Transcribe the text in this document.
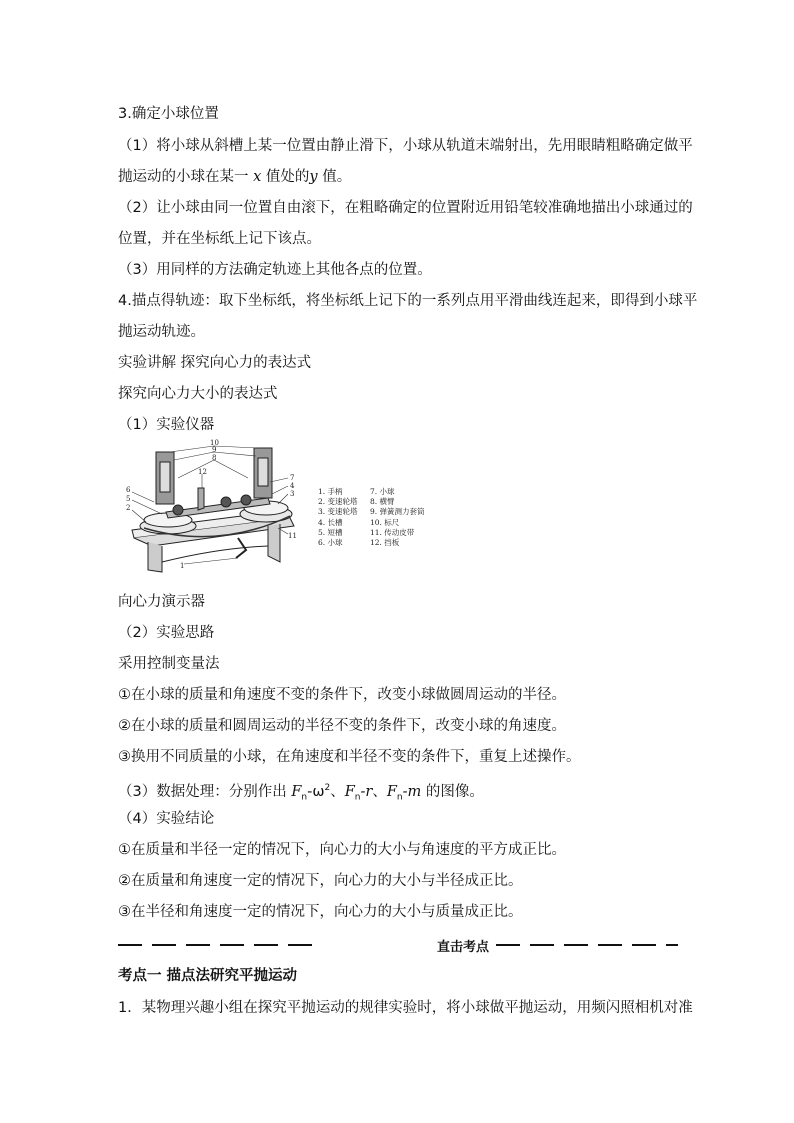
3.确定小球位置
（1）将小球从斜槽上某一位置由静止滑下，小球从轨道末端射出，先用眼睛粗略确定做平
抛运动的小球在某一 x 值处的y 值。
（2）让小球由同一位置自由滚下，在粗略确定的位置附近用铅笔较准确地描出小球通过的
位置，并在坐标纸上记下该点。
（3）用同样的方法确定轨迹上其他各点的位置。
4.描点得轨迹：取下坐标纸，将坐标纸上记下的一系列点用平滑曲线连起来，即得到小球平
抛运动轨迹。
实验讲解 探究向心力的表达式
探究向心力大小的表达式
（1）实验仪器
10
9
8
12
7
6
5
4
3
2
11
1
1. 手柄
2. 变速轮塔
3. 变速轮塔
4. 长槽
5. 短槽
6. 小球
7. 小球
8. 横臂
9. 弹簧测力套筒
10. 标尺
11. 传动皮带
12. 挡板
向心力演示器
（2）实验思路
采用控制变量法
①在小球的质量和角速度不变的条件下，改变小球做圆周运动的半径。
②在小球的质量和圆周运动的半径不变的条件下，改变小球的角速度。
③换用不同质量的小球，在角速度和半径不变的条件下，重复上述操作。
（3）数据处理：分别作出 $F_n-\omega^2$、$F_n-r$、$F_n-m$ 的图像。
（4）实验结论
①在质量和半径一定的情况下，向心力的大小与角速度的平方成正比。
②在质量和角速度一定的情况下，向心力的大小与半径成正比。
③在半径和角速度一定的情况下，向心力的大小与质量成正比。
直击考点
考点一 描点法研究平抛运动
1．某物理兴趣小组在探究平抛运动的规律实验时，将小球做平抛运动，用频闪照相机对准
